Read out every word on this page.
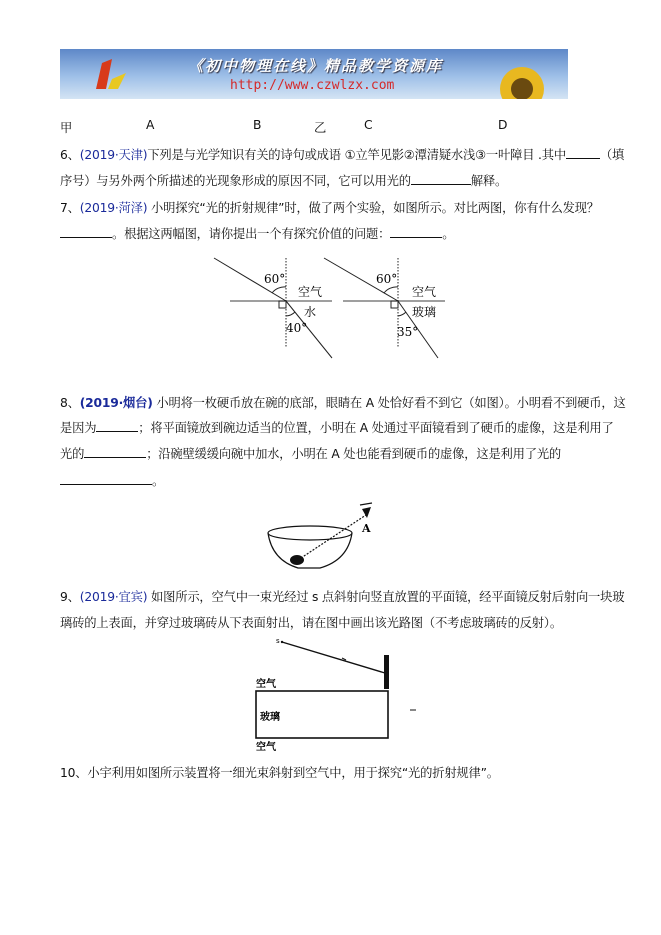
《初中物理在线》精品教学资源库
http://www.czwlzx.com
甲	A	B	乙	C	D
6、(2019·天津)下列是与光学知识有关的诗句或成语 ①立竿见影②潭清疑水浅③一叶障目 .其中	（填
序号）与另外两个所描述的光现象形成的原因不同，它可以用光的	解释。
7、(2019·菏泽) 小明探究“光的折射规律”时，做了两个实验，如图所示。对比两图，你有什么发现？
。根据这两幅图，请你提出一个有探究价值的问题：	。
60°
40°
空气
水
60°
35°
空气
玻璃
8、(2019·烟台) 小明将一枚硬币放在碗的底部，眼睛在 A 处恰好看不到它（如图）。小明看不到硬币，这
是因为	；将平面镜放到碗边适当的位置，小明在 A 处通过平面镜看到了硬币的虚像，这是利用了
光的	；沿碗壁缓缓向碗中加水，小明在 A 处也能看到硬币的虚像，这是利用了光的
。
A
9、(2019·宜宾) 如图所示，空气中一束光经过 s 点斜射向竖直放置的平面镜，经平面镜反射后射向一块玻
璃砖的上表面，并穿过玻璃砖从下表面射出，请在图中画出该光路图（不考虑玻璃砖的反射）。
s
空气
玻璃
空气
10、小宇利用如图所示装置将一细光束斜射到空气中，用于探究“光的折射规律”。
